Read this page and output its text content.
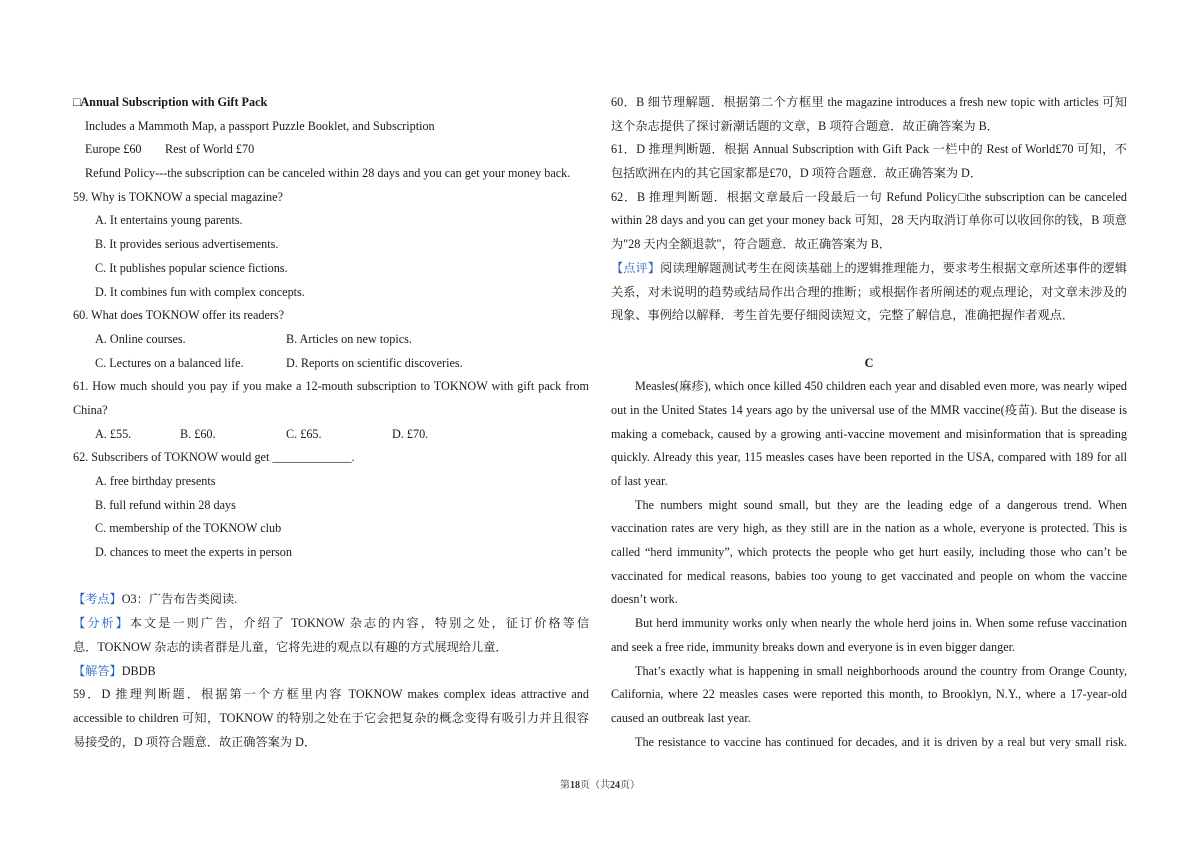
□Annual Subscription with Gift Pack
Includes a Mammoth Map, a passport Puzzle Booklet, and Subscription
Europe £60 Rest of World £70
Refund Policy---the subscription can be canceled within 28 days and you can get your money back.
59. Why is TOKNOW a special magazine?
A. It entertains young parents.
B. It provides serious advertisements.
C. It publishes popular science fictions.
D. It combines fun with complex concepts.
60. What does TOKNOW offer its readers?
A. Online courses.	B. Articles on new topics.
C. Lectures on a balanced life.	D. Reports on scientific discoveries.
61. How much should you pay if you make a 12-mouth subscription to TOKNOW with gift pack from
China?
A. £55.	B. £60.	C. £65.	D. £70.
62. Subscribers of TOKNOW would get _____________.
A. free birthday presents
B. full refund within 28 days
C. membership of the TOKNOW club
D. chances to meet the experts in person
【考点】O3：广告布告类阅读.
【分析】本文是一则广告，介绍了 TOKNOW 杂志的内容，特别之处，征订价格等信
息．TOKNOW 杂志的读者群是儿童，它将先进的观点以有趣的方式展现给儿童．
【解答】DBDB
59．D 推理判断题．根据第一个方框里内容 TOKNOW makes complex ideas attractive and
accessible to children 可知，TOKNOW 的特别之处在于它会把复杂的概念变得有吸引力并且很容
易接受的，D 项符合题意．故正确答案为 D．
60．B 细节理解题．根据第二个方框里 the magazine introduces a fresh new topic with articles 可知
这个杂志提供了探讨新潮话题的文章，B 项符合题意．故正确答案为 B．
61．D 推理判断题．根据 Annual Subscription with Gift Pack 一栏中的 Rest of World£70 可知，不
包括欧洲在内的其它国家都是£70，D 项符合题意．故正确答案为 D．
62．B 推理判断题．根据文章最后一段最后一句 Refund Policy□the subscription can be canceled
within 28 days and you can get your money back 可知，28 天内取消订单你可以收回你的钱，B 项意
为"28 天内全额退款"，符合题意．故正确答案为 B．
【点评】阅读理解题测试考生在阅读基础上的逻辑推理能力，要求考生根据文章所述事件的逻辑
关系，对未说明的趋势或结局作出合理的推断；或根据作者所阐述的观点理论，对文章未涉及的
现象、事例给以解释．考生首先要仔细阅读短文，完整了解信息，准确把握作者观点．
C
Measles(麻疹), which once killed 450 children each year and disabled even more, was nearly wiped
out in the United States 14 years ago by the universal use of the MMR vaccine(疫苗). But the disease is
making a comeback, caused by a growing anti-vaccine movement and misinformation that is spreading
quickly. Already this year, 115 measles cases have been reported in the USA, compared with 189 for all
of last year.
The numbers might sound small, but they are the leading edge of a dangerous trend. When
vaccination rates are very high, as they still are in the nation as a whole, everyone is protected. This is
called “herd immunity”, which protects the people who get hurt easily, including those who can’t be
vaccinated for medical reasons, babies too young to get vaccinated and people on whom the vaccine
doesn’t work.
But herd immunity works only when nearly the whole herd joins in. When some refuse vaccination
and seek a free ride, immunity breaks down and everyone is in even bigger danger.
That’s exactly what is happening in small neighborhoods around the country from Orange County,
California, where 22 measles cases were reported this month, to Brooklyn, N.Y., where a 17-year-old
caused an outbreak last year.
The resistance to vaccine has continued for decades, and it is driven by a real but very small risk.
第18页（共24页）
